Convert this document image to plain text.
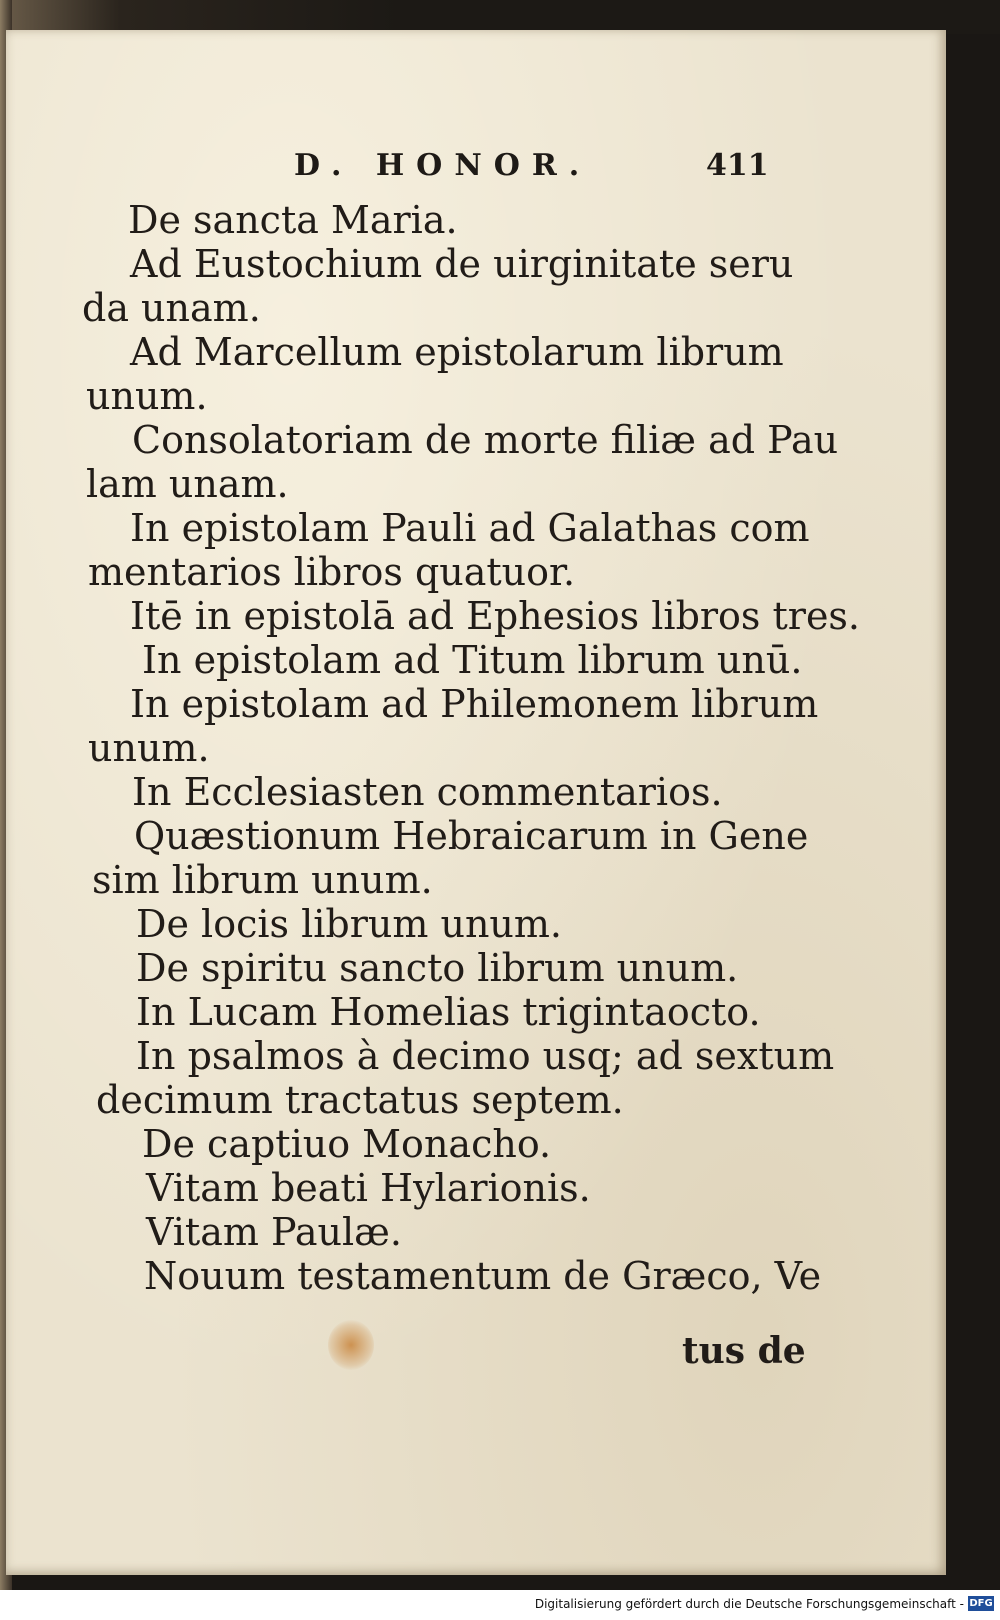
D. HONOR.	411
De sancta Maria.
Ad Eustochium de uirginitate seru
da unam.
Ad Marcellum epistolarum librum
unum.
Consolatoriam de morte filiæ ad Pau
lam unam.
In epistolam Pauli ad Galathas com
mentarios libros quatuor.
Itē in epistolā ad Ephesios libros tres.
In epistolam ad Titum librum unū.
In epistolam ad Philemonem librum
unum.
In Ecclesiasten commentarios.
Quæstionum Hebraicarum in Gene
sim librum unum.
De locis librum unum.
De spiritu sancto librum unum.
In Lucam Homelias trigintaocto.
In psalmos à decimo usq; ad sextum
decimum tractatus septem.
De captiuo Monacho.
Vitam beati Hylarionis.
Vitam Paulæ.
Nouum testamentum de Græco, Ve
tus de
Digitalisierung gefördert durch die Deutsche Forschungsgemeinschaft - DFG
